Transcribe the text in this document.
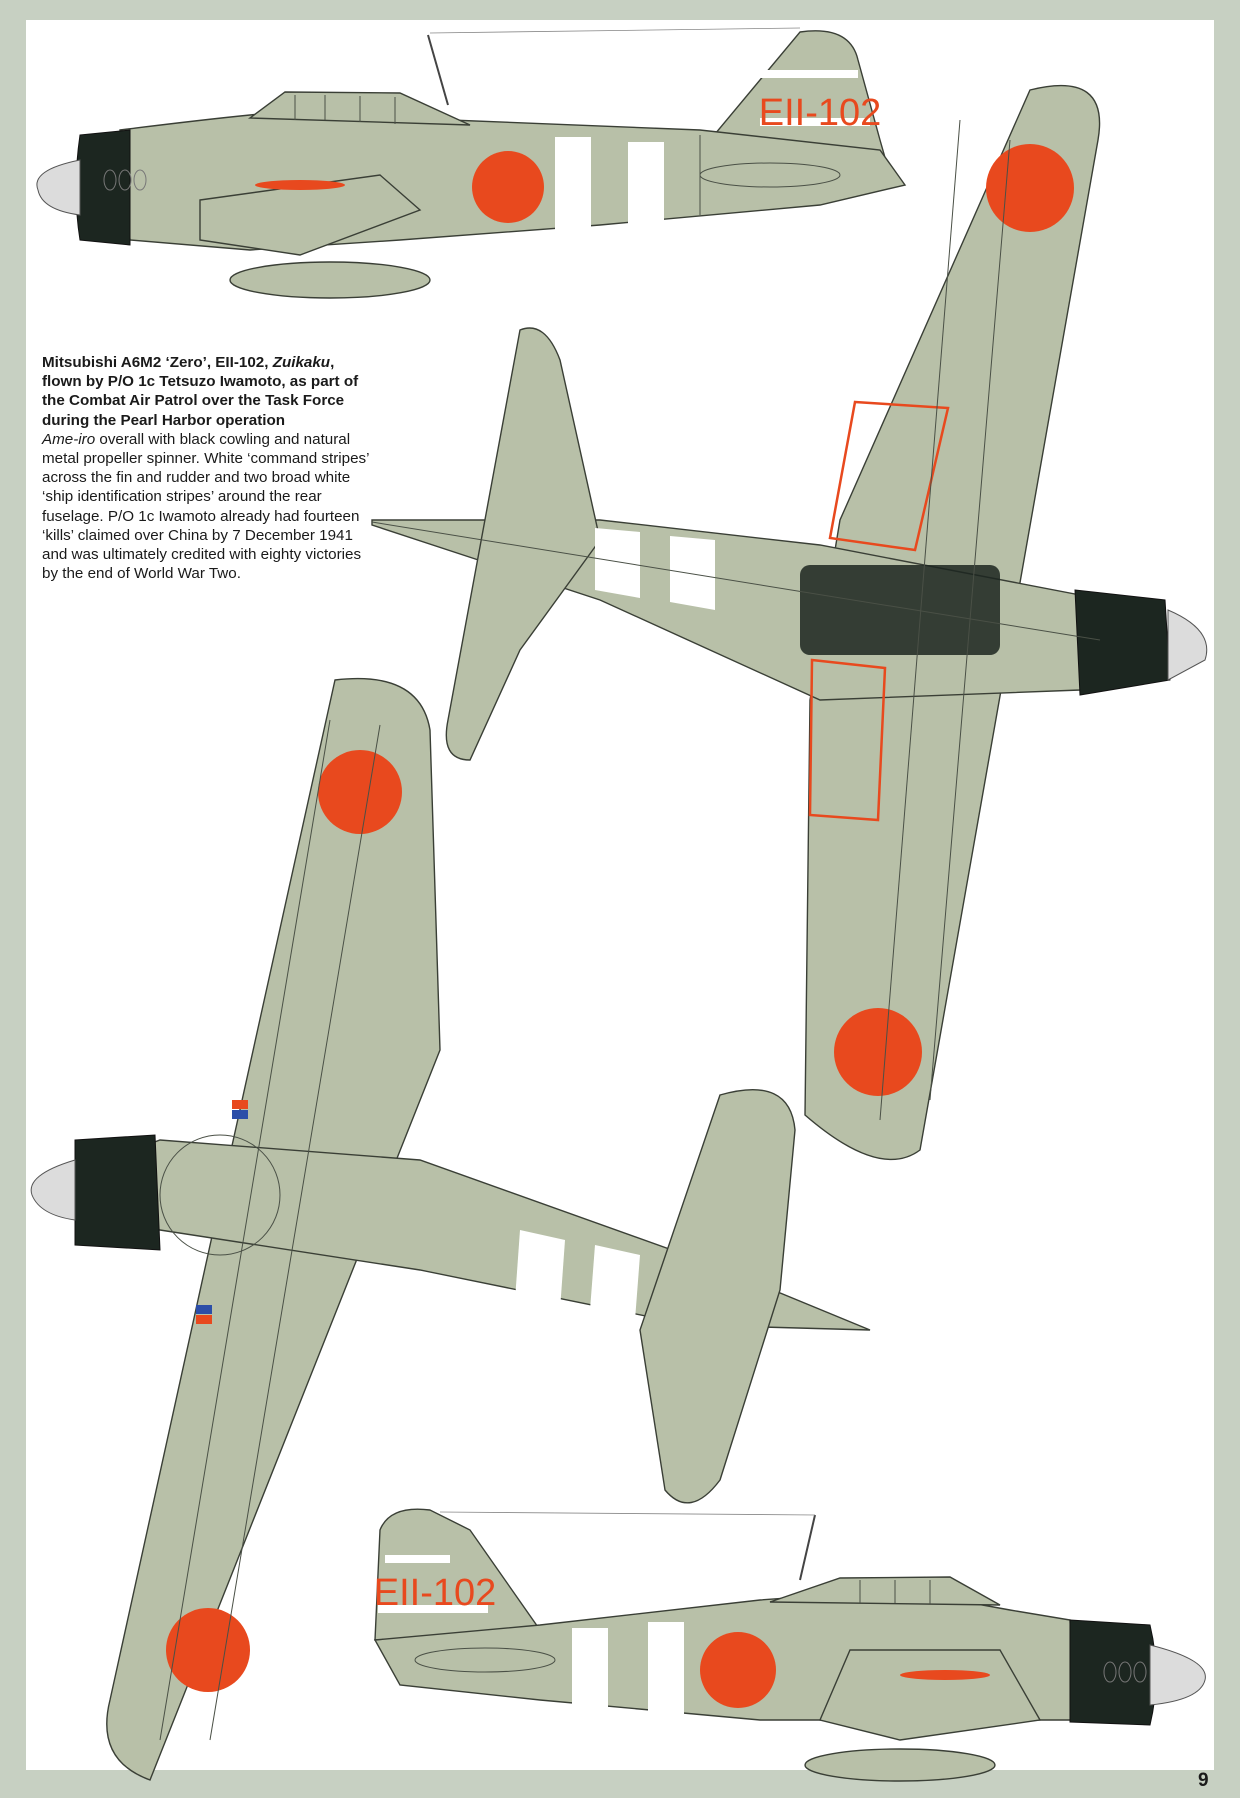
EII-102
EII-102
Mitsubishi A6M2 ‘Zero’, EII-102, Zuikaku, flown by P/O 1c Tetsuzo Iwamoto, as part of the Combat Air Patrol over the Task Force during the Pearl Harbor operation
Ame-iro overall with black cowling and natural metal propeller spinner. White ‘command stripes’ across the fin and rudder and two broad white ‘ship identification stripes’ around the rear fuselage. P/O 1c Iwamoto already had fourteen ‘kills’ claimed over China by 7 December 1941 and was ultimately credited with eighty victories by the end of World War Two.
9
